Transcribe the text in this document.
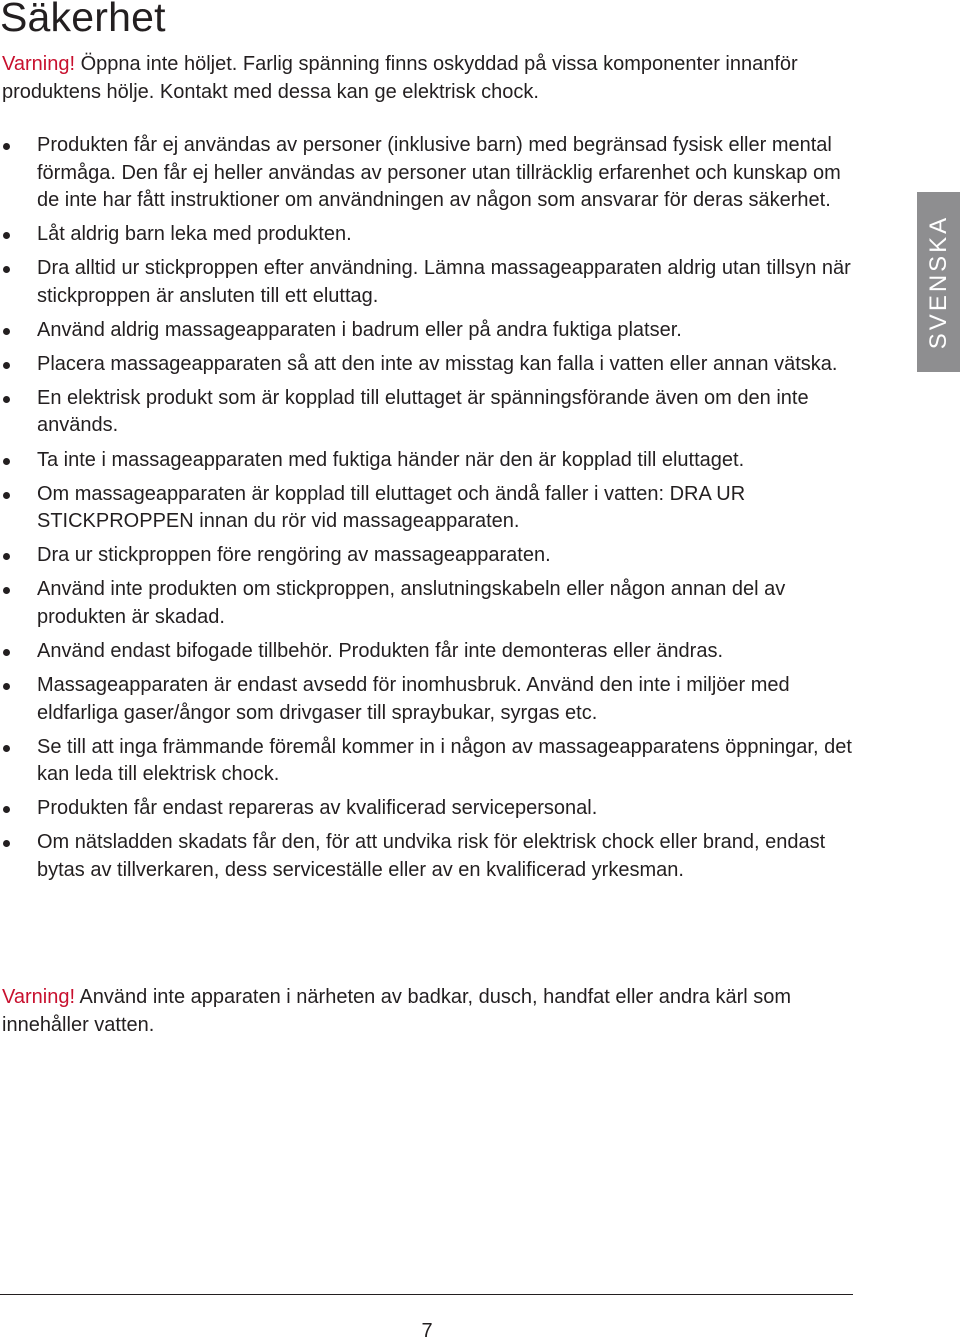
Säkerhet

Varning! Öppna inte höljet. Farlig spänning finns oskyddad på vissa komponenter innanför produktens hölje. Kontakt med dessa kan ge elektrisk chock.

Produkten får ej användas av personer (inklusive barn) med begränsad fysisk eller mental förmåga. Den får ej heller användas av personer utan tillräcklig erfarenhet och kunskap om de inte har fått instruktioner om användningen av någon som ansvarar för deras säkerhet.
Låt aldrig barn leka med produkten.
Dra alltid ur stickproppen efter användning. Lämna massageapparaten aldrig utan tillsyn när stickproppen är ansluten till ett eluttag.
Använd aldrig massageapparaten i badrum eller på andra fuktiga platser.
Placera massageapparaten så att den inte av misstag kan falla i vatten eller annan vätska.
En elektrisk produkt som är kopplad till eluttaget är spänningsförande även om den inte används.
Ta inte i massageapparaten med fuktiga händer när den är kopplad till eluttaget.
Om massageapparaten är kopplad till eluttaget och ändå faller i vatten: DRA UR STICKPROPPEN innan du rör vid massageapparaten.
Dra ur stickproppen före rengöring av massageapparaten.
Använd inte produkten om stickproppen, anslutningskabeln eller någon annan del av produkten är skadad.
Använd endast bifogade tillbehör. Produkten får inte demonteras eller ändras.
Massageapparaten är endast avsedd för inomhusbruk. Använd den inte i miljöer med eldfarliga gaser/ångor som drivgaser till spraybukar, syrgas etc.
Se till att inga främmande föremål kommer in i någon av massageapparatens öppningar, det kan leda till elektrisk chock.
Produkten får endast repareras av kvalificerad servicepersonal.
Om nätsladden skadats får den, för att undvika risk för elektrisk chock eller brand, endast bytas av tillverkaren, dess serviceställe eller av en kvalificerad yrkesman.

Varning! Använd inte apparaten i närheten av badkar, dusch, handfat eller andra kärl som innehåller vatten.

SVENSKA
7
